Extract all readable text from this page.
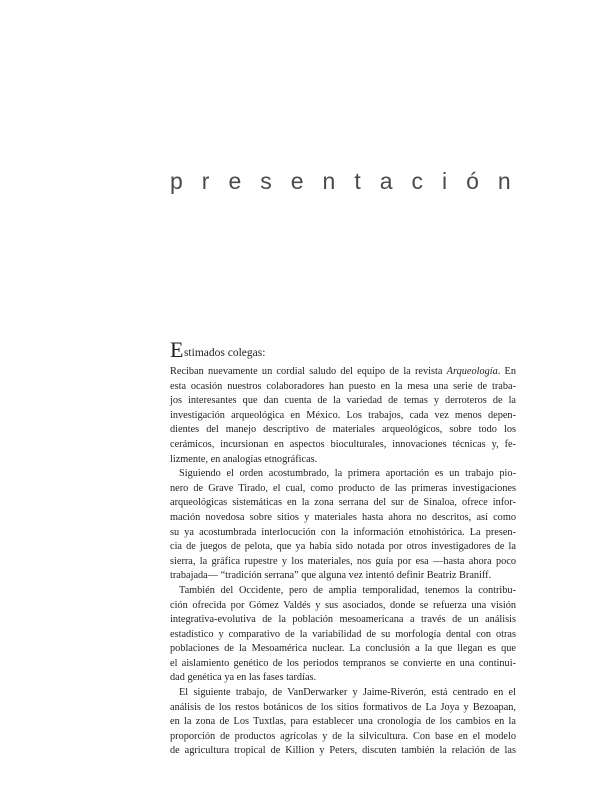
presentación

Estimados colegas:

Reciban nuevamente un cordial saludo del equipo de la revista Arqueología. En

esta ocasión nuestros colaboradores han puesto en la mesa una serie de traba-

jos interesantes que dan cuenta de la variedad de temas y derroteros de la

investigación arqueológica en México. Los trabajos, cada vez menos depen-

dientes del manejo descriptivo de materiales arqueológicos, sobre todo los

cerámicos, incursionan en aspectos bioculturales, innovaciones técnicas y, fe-

lizmente, en analogías etnográficas.

Siguiendo el orden acostumbrado, la primera aportación es un trabajo pio-

nero de Grave Tirado, el cual, como producto de las primeras investigaciones

arqueológicas sistemáticas en la zona serrana del sur de Sinaloa, ofrece infor-

mación novedosa sobre sitios y materiales hasta ahora no descritos, así como

su ya acostumbrada interlocución con la información etnohistórica. La presen-

cia de juegos de pelota, que ya había sido notada por otros investigadores de la

sierra, la gráfica rupestre y los materiales, nos guía por esa —hasta ahora poco

trabajada— “tradición serrana” que alguna vez intentó definir Beatriz Braniff.

También del Occidente, pero de amplia temporalidad, tenemos la contribu-

ción ofrecida por Gómez Valdés y sus asociados, donde se refuerza una visión

integrativa-evolutiva de la población mesoamericana a través de un análisis

estadístico y comparativo de la variabilidad de su morfología dental con otras

poblaciones de la Mesoamérica nuclear. La conclusión a la que llegan es que

el aislamiento genético de los periodos tempranos se convierte en una continui-

dad genética ya en las fases tardías.

El siguiente trabajo, de VanDerwarker y Jaime-Riverón, está centrado en el

análisis de los restos botánicos de los sitios formativos de La Joya y Bezoapan,

en la zona de Los Tuxtlas, para establecer una cronología de los cambios en la

proporción de productos agrícolas y de la silvicultura. Con base en el modelo

de agricultura tropical de Killion y Peters, discuten también la relación de las
